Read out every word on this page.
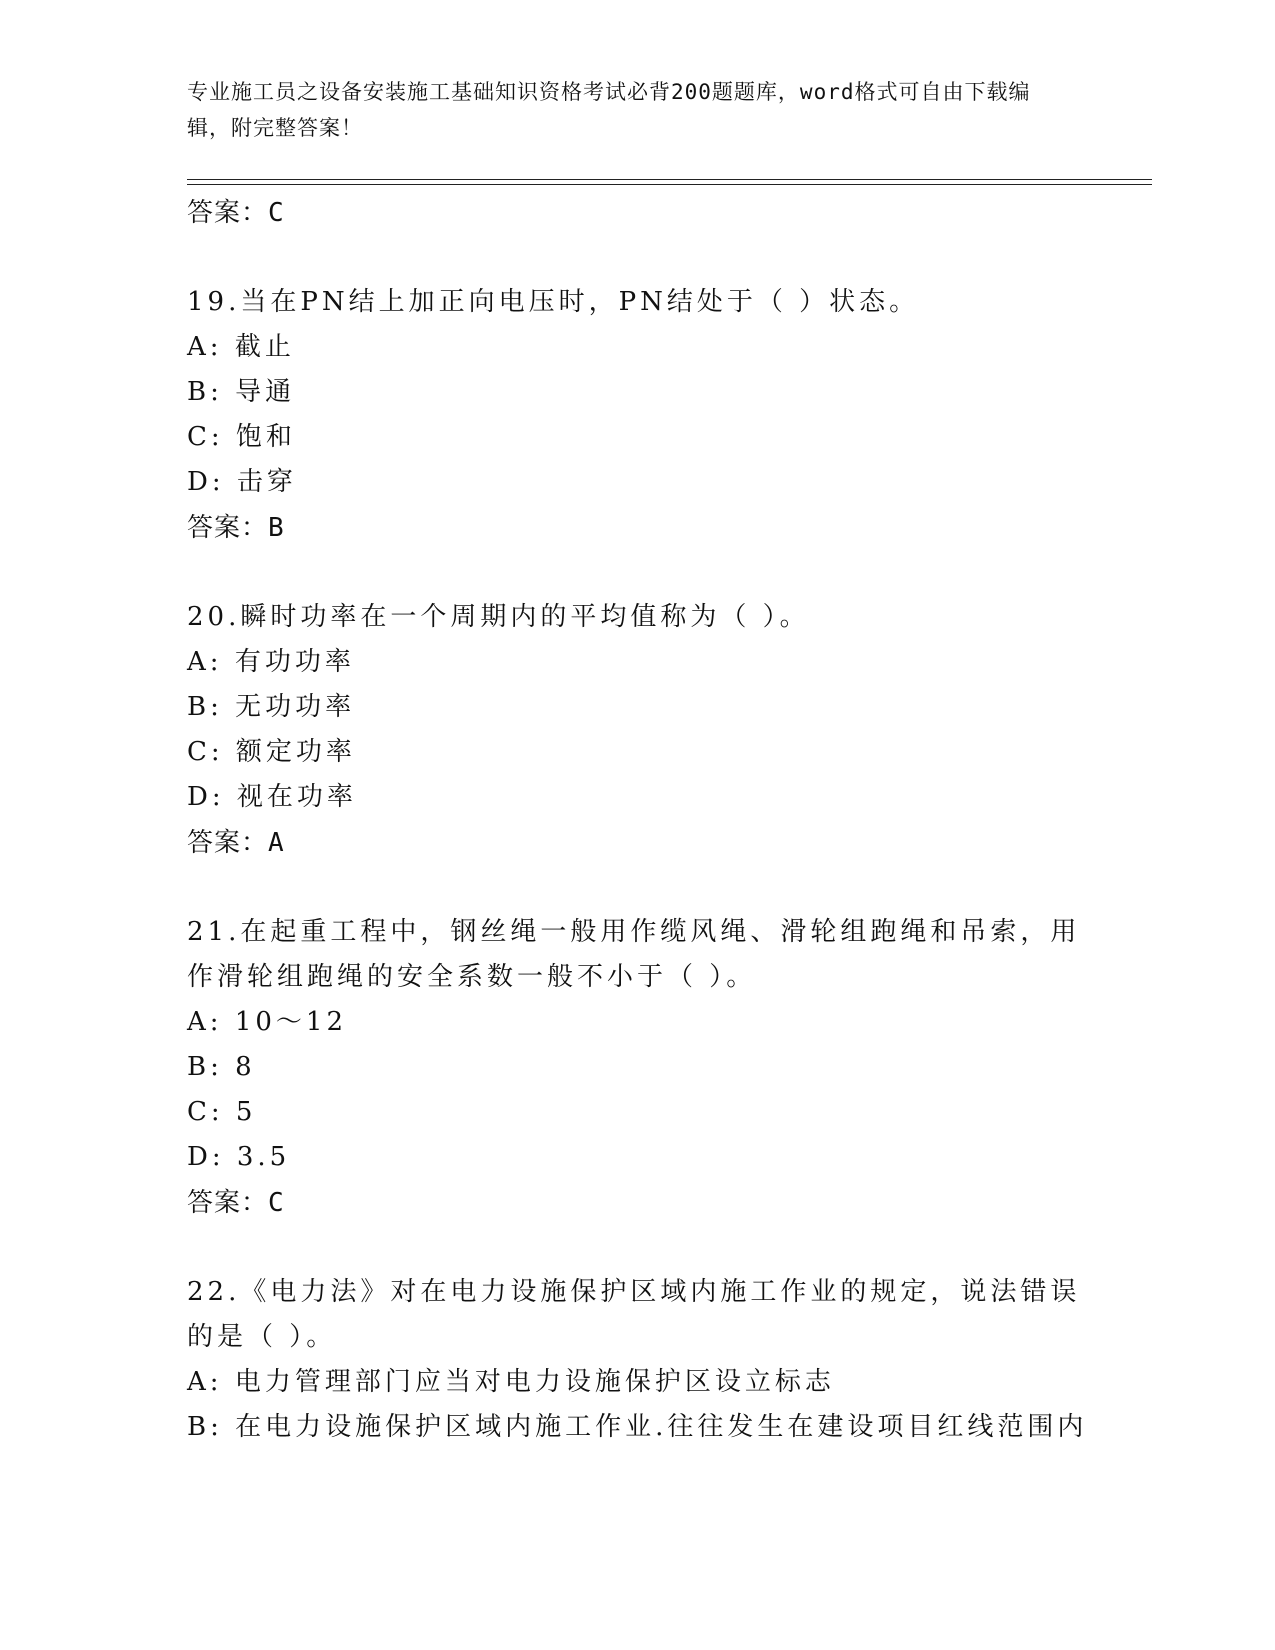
专业施工员之设备安装施工基础知识资格考试必背200题题库，word格式可自由下载编辑，附完整答案！
答案：C
19.当在PN结上加正向电压时，PN结处于（ ）状态。
A: 截止
B: 导通
C: 饱和
D: 击穿
答案：B
20.瞬时功率在一个周期内的平均值称为（ ）。
A: 有功功率
B: 无功功率
C: 额定功率
D: 视在功率
答案：A
21.在起重工程中，钢丝绳一般用作缆风绳、滑轮组跑绳和吊索，用作滑轮组跑绳的安全系数一般不小于（ ）。
A: 10～12
B: 8
C: 5
D: 3.5
答案：C
22.《电力法》对在电力设施保护区域内施工作业的规定，说法错误的是（ ）。
A: 电力管理部门应当对电力设施保护区设立标志
B: 在电力设施保护区域内施工作业.往往发生在建设项目红线范围内
